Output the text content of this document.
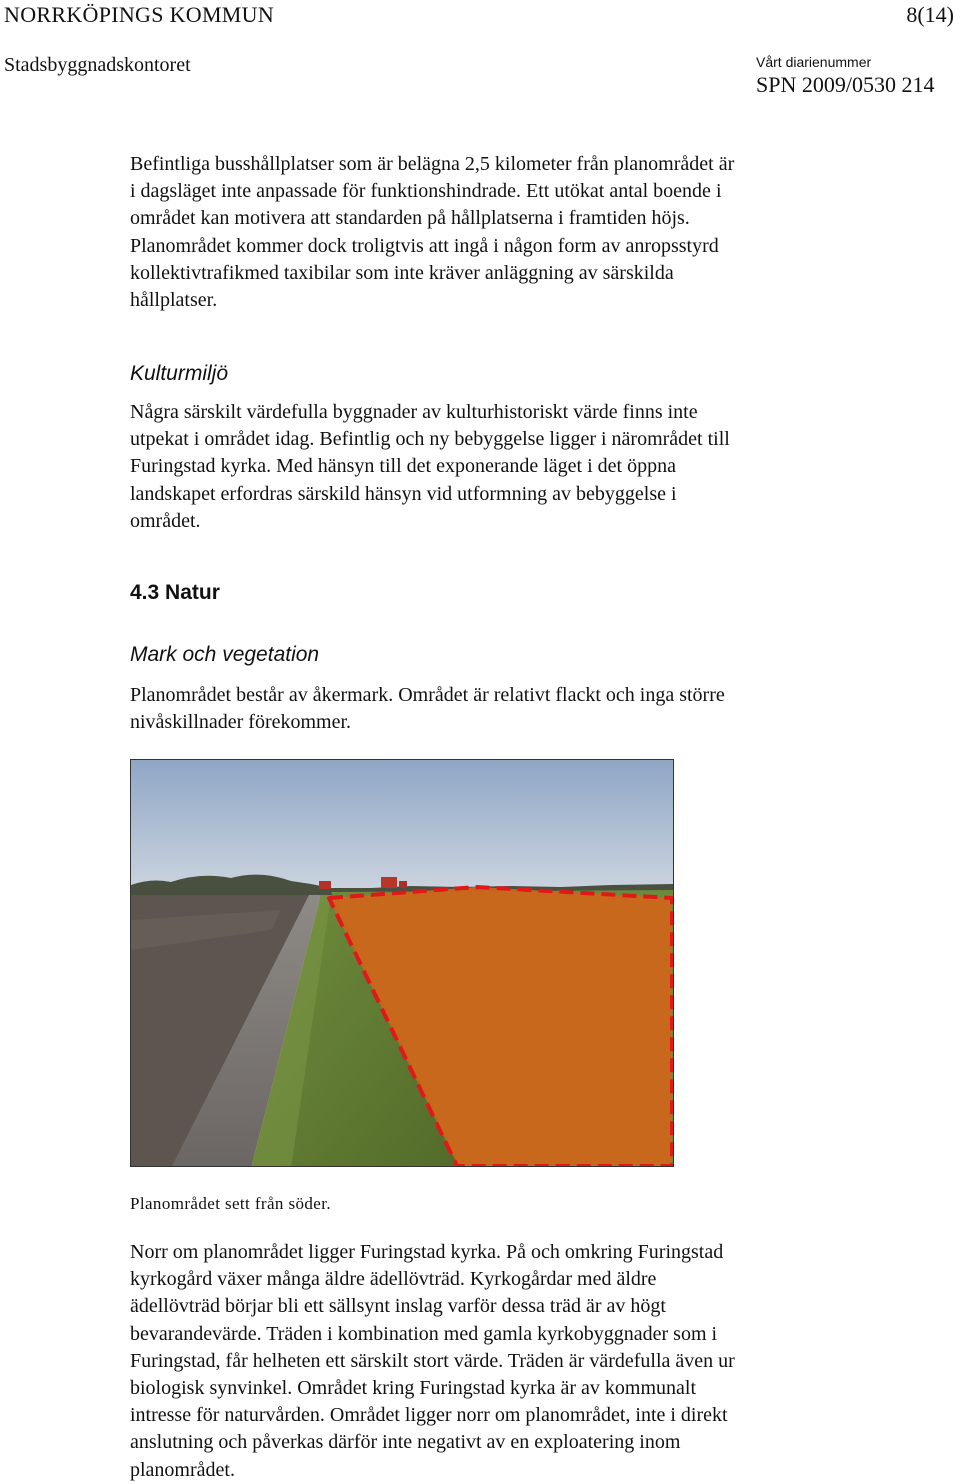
NORRKÖPINGS KOMMUN	8(14)
Stadsbyggnadskontoret	Vårt diarienummer
SPN 2009/0530 214
Befintliga busshållplatser som är belägna 2,5 kilometer från planområdet är
i dagsläget inte anpassade för funktionshindrade. Ett utökat antal boende i
området kan motivera att standarden på hållplatserna i framtiden höjs.
Planområdet kommer dock troligtvis att ingå i någon form av anropsstyrd
kollektivtrafikmed taxibilar som inte kräver anläggning av särskilda
hållplatser.
Kulturmiljö
Några särskilt värdefulla byggnader av kulturhistoriskt värde finns inte
utpekat i området idag. Befintlig och ny bebyggelse ligger i närområdet till
Furingstad kyrka. Med hänsyn till det exponerande läget i det öppna
landskapet erfordras särskild hänsyn vid utformning av bebyggelse i
området.
4.3 Natur
Mark och vegetation
Planområdet består av åkermark. Området är relativt flackt och inga större
nivåskillnader förekommer.
Planområdet sett från söder.
Norr om planområdet ligger Furingstad kyrka. På och omkring Furingstad
kyrkogård växer många äldre ädellövträd. Kyrkogårdar med äldre
ädellövträd börjar bli ett sällsynt inslag varför dessa träd är av högt
bevarandevärde. Träden i kombination med gamla kyrkobyggnader som i
Furingstad, får helheten ett särskilt stort värde. Träden är värdefulla även ur
biologisk synvinkel. Området kring Furingstad kyrka är av kommunalt
intresse för naturvården. Området ligger norr om planområdet, inte i direkt
anslutning och påverkas därför inte negativt av en exploatering inom
planområdet.
